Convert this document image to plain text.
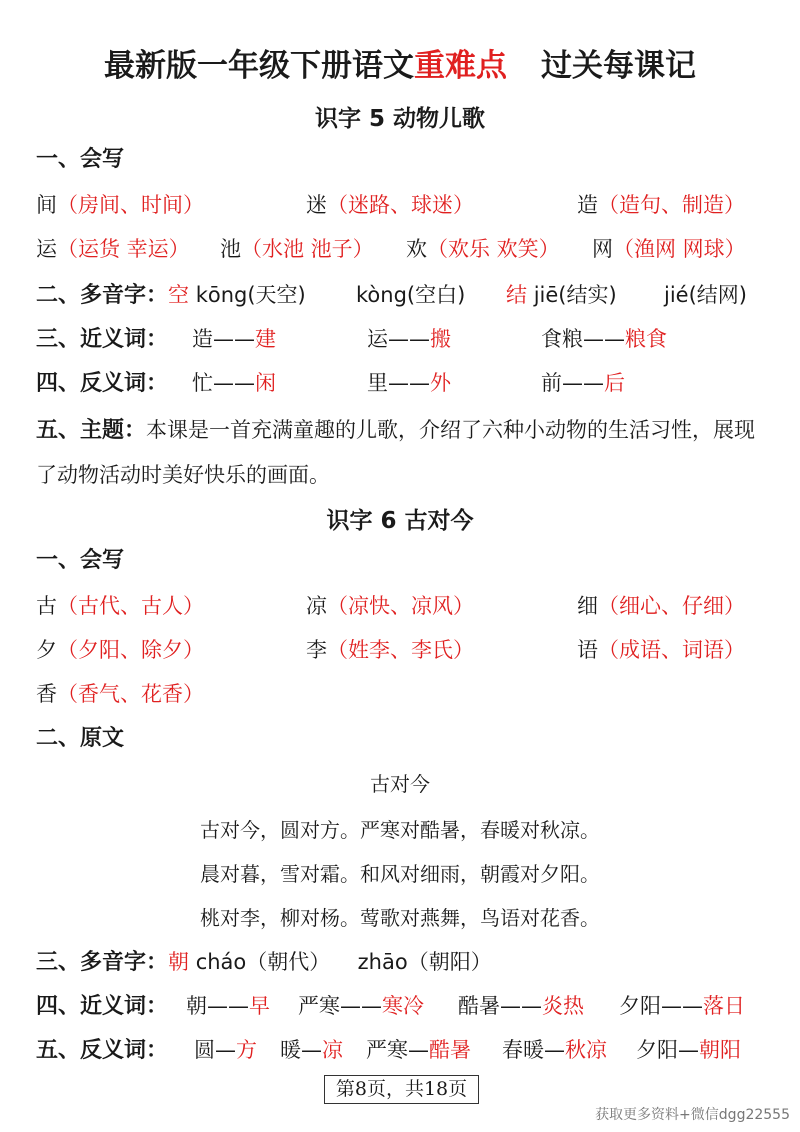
最新版一年级下册语文重难点 过关每课记
识字 5 动物儿歌
一、会写
间（房间、时间）	迷（迷路、球迷）	造（造句、制造）
运（运货 幸运） 池（水池 池子） 欢（欢乐 欢笑） 网（渔网 网球）
二、多音字：空 kōng(天空) kòng(空白) 结 jiē(结实) jié(结网)
三、近义词： 造——建	运——搬	食粮——粮食
四、反义词： 忙——闲	里——外	前——后
五、主题：本课是一首充满童趣的儿歌，介绍了六种小动物的生活习性，展现了动物活动时美好快乐的画面。
识字 6 古对今
一、会写
古（古代、古人）	凉（凉快、凉风）	细（细心、仔细）
夕（夕阳、除夕）	李（姓李、李氏）	语（成语、词语）
香（香气、花香）
二、原文
古对今
古对今，圆对方。严寒对酷暑，春暖对秋凉。
晨对暮，雪对霜。和风对细雨，朝霞对夕阳。
桃对李，柳对杨。莺歌对燕舞，鸟语对花香。
三、多音字：朝 cháo（朝代） zhāo（朝阳）
四、近义词： 朝——早 严寒——寒冷 酷暑——炎热 夕阳——落日
五、反义词： 圆—方 暖—凉 严寒—酷暑 春暖—秋凉 夕阳—朝阳
第8页，共18页
获取更多资料+微信dgg22555
